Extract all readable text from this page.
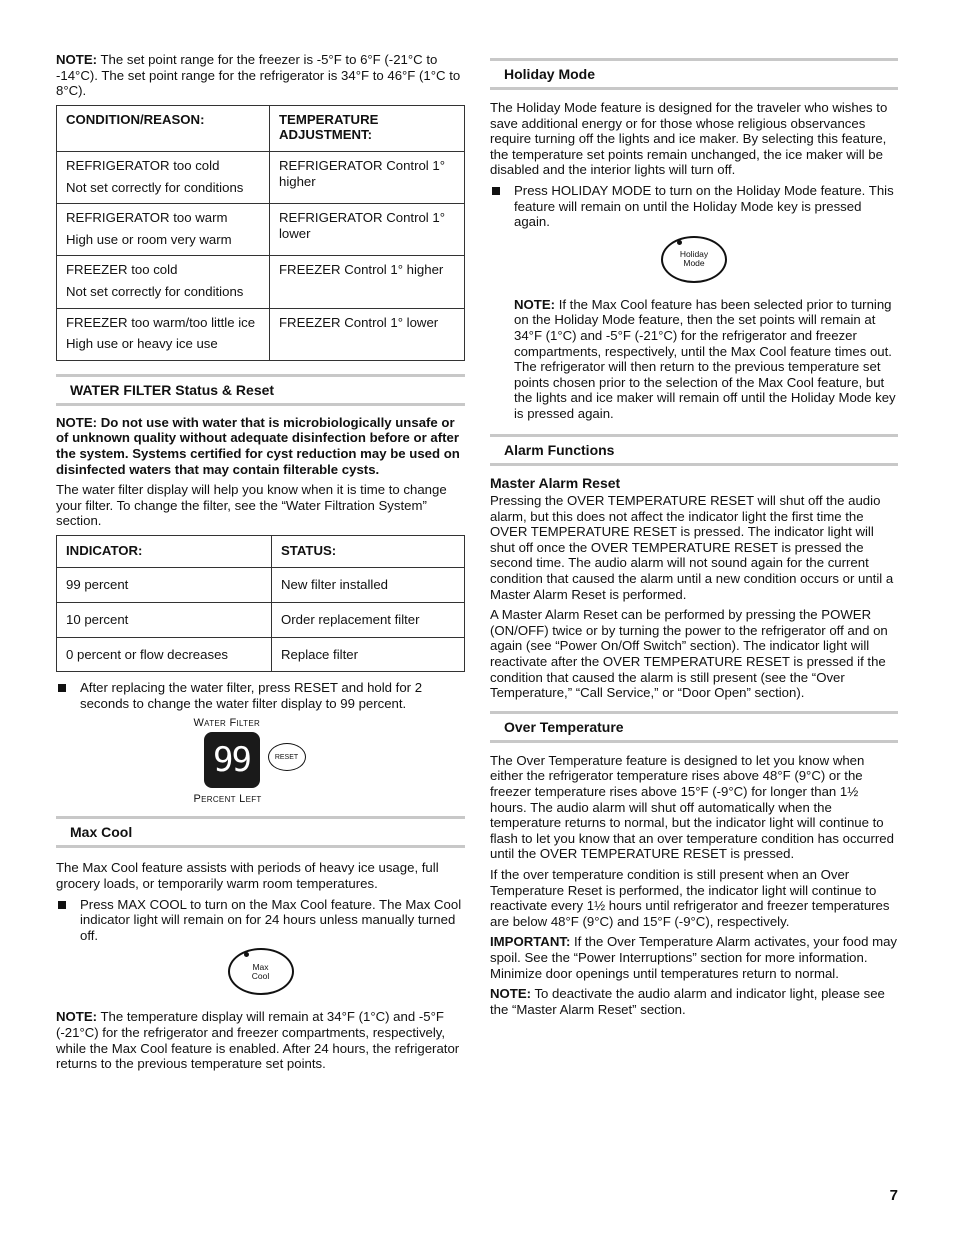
NOTE: The set point range for the freezer is -5°F to 6°F (-21°C to -14°C). The set point range for the refrigerator is 34°F to 46°F (1°C to 8°C).

CONDITION/REASON:	TEMPERATURE ADJUSTMENT:

REFRIGERATOR too cold
Not set correctly for conditions	REFRIGERATOR Control 1° higher

REFRIGERATOR too warm
High use or room very warm	REFRIGERATOR Control 1° lower

FREEZER too cold
Not set correctly for conditions	FREEZER Control 1° higher

FREEZER too warm/too little ice
High use or heavy ice use	FREEZER Control 1° lower
WATER FILTER Status & Reset

NOTE: Do not use with water that is microbiologically unsafe or of unknown quality without adequate disinfection before or after the system. Systems certified for cyst reduction may be used on disinfected waters that may contain filterable cysts.

The water filter display will help you know when it is time to change your filter. To change the filter, see the “Water Filtration System” section.

INDICATOR:	STATUS:
99 percent	New filter installed
10 percent	Order replacement filter
0 percent or flow decreases	Replace filter
After replacing the water filter, press RESET and hold for 2 seconds to change the water filter display to 99 percent.
Water Filter
99	RESET
Percent Left
Max Cool

The Max Cool feature assists with periods of heavy ice usage, full grocery loads, or temporarily warm room temperatures.

Press MAX COOL to turn on the Max Cool feature. The Max Cool indicator light will remain on for 24 hours unless manually turned off.
Max Cool

NOTE: The temperature display will remain at 34°F (1°C) and -5°F (-21°C) for the refrigerator and freezer compartments, respectively, while the Max Cool feature is enabled. After 24 hours, the refrigerator returns to the previous temperature set points.

Holiday Mode

The Holiday Mode feature is designed for the traveler who wishes to save additional energy or for those whose religious observances require turning off the lights and ice maker. By selecting this feature, the temperature set points remain unchanged, the ice maker will be disabled and the interior lights will turn off.

Press HOLIDAY MODE to turn on the Holiday Mode feature. This feature will remain on until the Holiday Mode key is pressed again.
Holiday Mode

NOTE: If the Max Cool feature has been selected prior to turning on the Holiday Mode feature, then the set points will remain at 34°F (1°C) and -5°F (-21°C) for the refrigerator and freezer compartments, respectively, until the Max Cool feature times out. The refrigerator will then return to the previous temperature set points chosen prior to the selection of the Max Cool feature, but the lights and ice maker will remain off until the Holiday Mode key is pressed again.

Alarm Functions
Master Alarm Reset

Pressing the OVER TEMPERATURE RESET will shut off the audio alarm, but this does not affect the indicator light the first time the OVER TEMPERATURE RESET is pressed. The indicator light will shut off once the OVER TEMPERATURE RESET is pressed the second time. The audio alarm will not sound again for the current condition that caused the alarm until a new condition occurs or until a Master Alarm Reset is performed.

A Master Alarm Reset can be performed by pressing the POWER (ON/OFF) twice or by turning the power to the refrigerator off and on again (see “Power On/Off Switch” section). The indicator light will reactivate after the OVER TEMPERATURE RESET is pressed if the condition that caused the alarm is still present (see the “Over Temperature,” “Call Service,” or “Door Open” section).

Over Temperature

The Over Temperature feature is designed to let you know when either the refrigerator temperature rises above 48°F (9°C) or the freezer temperature rises above 15°F (-9°C) for longer than 1½ hours. The audio alarm will shut off automatically when the temperature returns to normal, but the indicator light will continue to flash to let you know that an over temperature condition has occurred until the OVER TEMPERATURE RESET is pressed.

If the over temperature condition is still present when an Over Temperature Reset is performed, the indicator light will continue to reactivate every 1½ hours until refrigerator and freezer temperatures are below 48°F (9°C) and 15°F (-9°C), respectively.

IMPORTANT: If the Over Temperature Alarm activates, your food may spoil. See the “Power Interruptions” section for more information. Minimize door openings until temperatures return to normal.

NOTE: To deactivate the audio alarm and indicator light, please see the “Master Alarm Reset” section.

7
